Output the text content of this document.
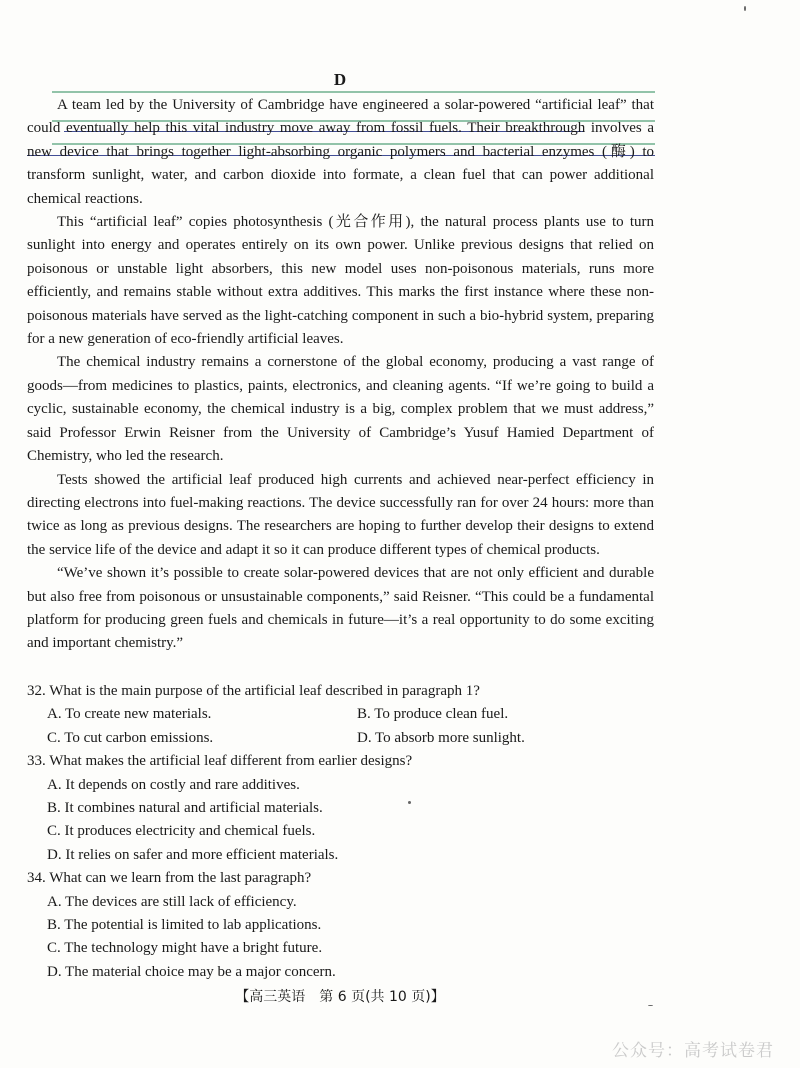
D

A team led by the University of Cambridge have engineered a solar-powered “artificial leaf” that could eventually help this vital industry move away from fossil fuels. Their breakthrough involves a new device that brings together light-absorbing organic polymers and bacterial enzymes (酶) to transform sunlight, water, and carbon dioxide into formate, a clean fuel that can power additional chemical reactions.

This “artificial leaf” copies photosynthesis (光合作用), the natural process plants use to turn sunlight into energy and operates entirely on its own power. Unlike previous designs that relied on poisonous or unstable light absorbers, this new model uses non-poisonous materials, runs more efficiently, and remains stable without extra additives. This marks the first instance where these non-poisonous materials have served as the light-catching component in such a bio-hybrid system, preparing for a new generation of eco-friendly artificial leaves.

The chemical industry remains a cornerstone of the global economy, producing a vast range of goods—from medicines to plastics, paints, electronics, and cleaning agents. “If we’re going to build a cyclic, sustainable economy, the chemical industry is a big, complex problem that we must address,” said Professor Erwin Reisner from the University of Cambridge’s Yusuf Hamied Department of Chemistry, who led the research.

Tests showed the artificial leaf produced high currents and achieved near-perfect efficiency in directing electrons into fuel-making reactions. The device successfully ran for over 24 hours: more than twice as long as previous designs. The researchers are hoping to further develop their designs to extend the service life of the device and adapt it so it can produce different types of chemical products.

“We’ve shown it’s possible to create solar-powered devices that are not only efficient and durable but also free from poisonous or unsustainable components,” said Reisner. “This could be a fundamental platform for producing green fuels and chemicals in future—it’s a real opportunity to do some exciting and important chemistry.”

32. What is the main purpose of the artificial leaf described in paragraph 1?

A. To create new materials.	B. To produce clean fuel.
C. To cut carbon emissions.	D. To absorb more sunlight.

33. What makes the artificial leaf different from earlier designs?

A. It depends on costly and rare additives.
B. It combines natural and artificial materials.
C. It produces electricity and chemical fuels.
D. It relies on safer and more efficient materials.

34. What can we learn from the last paragraph?

A. The devices are still lack of efficiency.
B. The potential is limited to lab applications.
C. The technology might have a bright future.
D. The material choice may be a major concern.
【高三英语　第 6 页(共 10 页)】
公众号：高考试卷君
